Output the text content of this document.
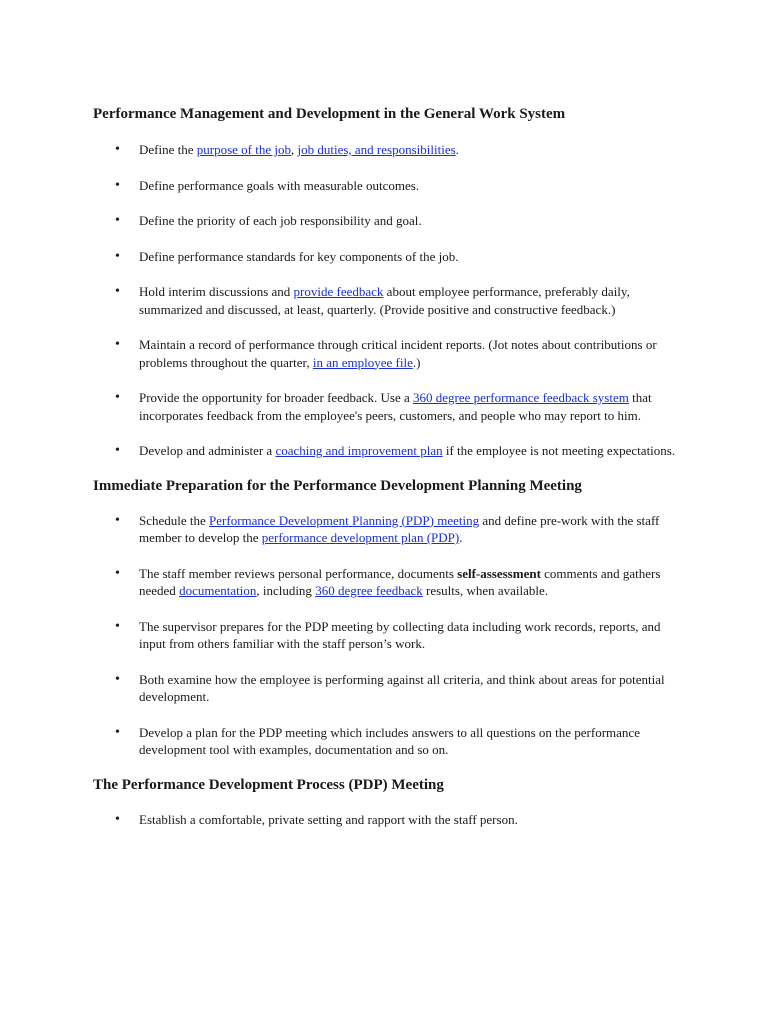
Performance Management and Development in the General Work System
• Define the purpose of the job, job duties, and responsibilities.
• Define performance goals with measurable outcomes.
• Define the priority of each job responsibility and goal.
• Define performance standards for key components of the job.
• Hold interim discussions and provide feedback about employee performance, preferably daily, summarized and discussed, at least, quarterly. (Provide positive and constructive feedback.)
• Maintain a record of performance through critical incident reports. (Jot notes about contributions or problems throughout the quarter, in an employee file.)
• Provide the opportunity for broader feedback. Use a 360 degree performance feedback system that incorporates feedback from the employee's peers, customers, and people who may report to him.
• Develop and administer a coaching and improvement plan if the employee is not meeting expectations.
Immediate Preparation for the Performance Development Planning Meeting
• Schedule the Performance Development Planning (PDP) meeting and define pre-work with the staff member to develop the performance development plan (PDP).
• The staff member reviews personal performance, documents self-assessment comments and gathers needed documentation, including 360 degree feedback results, when available.
• The supervisor prepares for the PDP meeting by collecting data including work records, reports, and input from others familiar with the staff person’s work.
• Both examine how the employee is performing against all criteria, and think about areas for potential development.
• Develop a plan for the PDP meeting which includes answers to all questions on the performance development tool with examples, documentation and so on.
The Performance Development Process (PDP) Meeting
• Establish a comfortable, private setting and rapport with the staff person.
